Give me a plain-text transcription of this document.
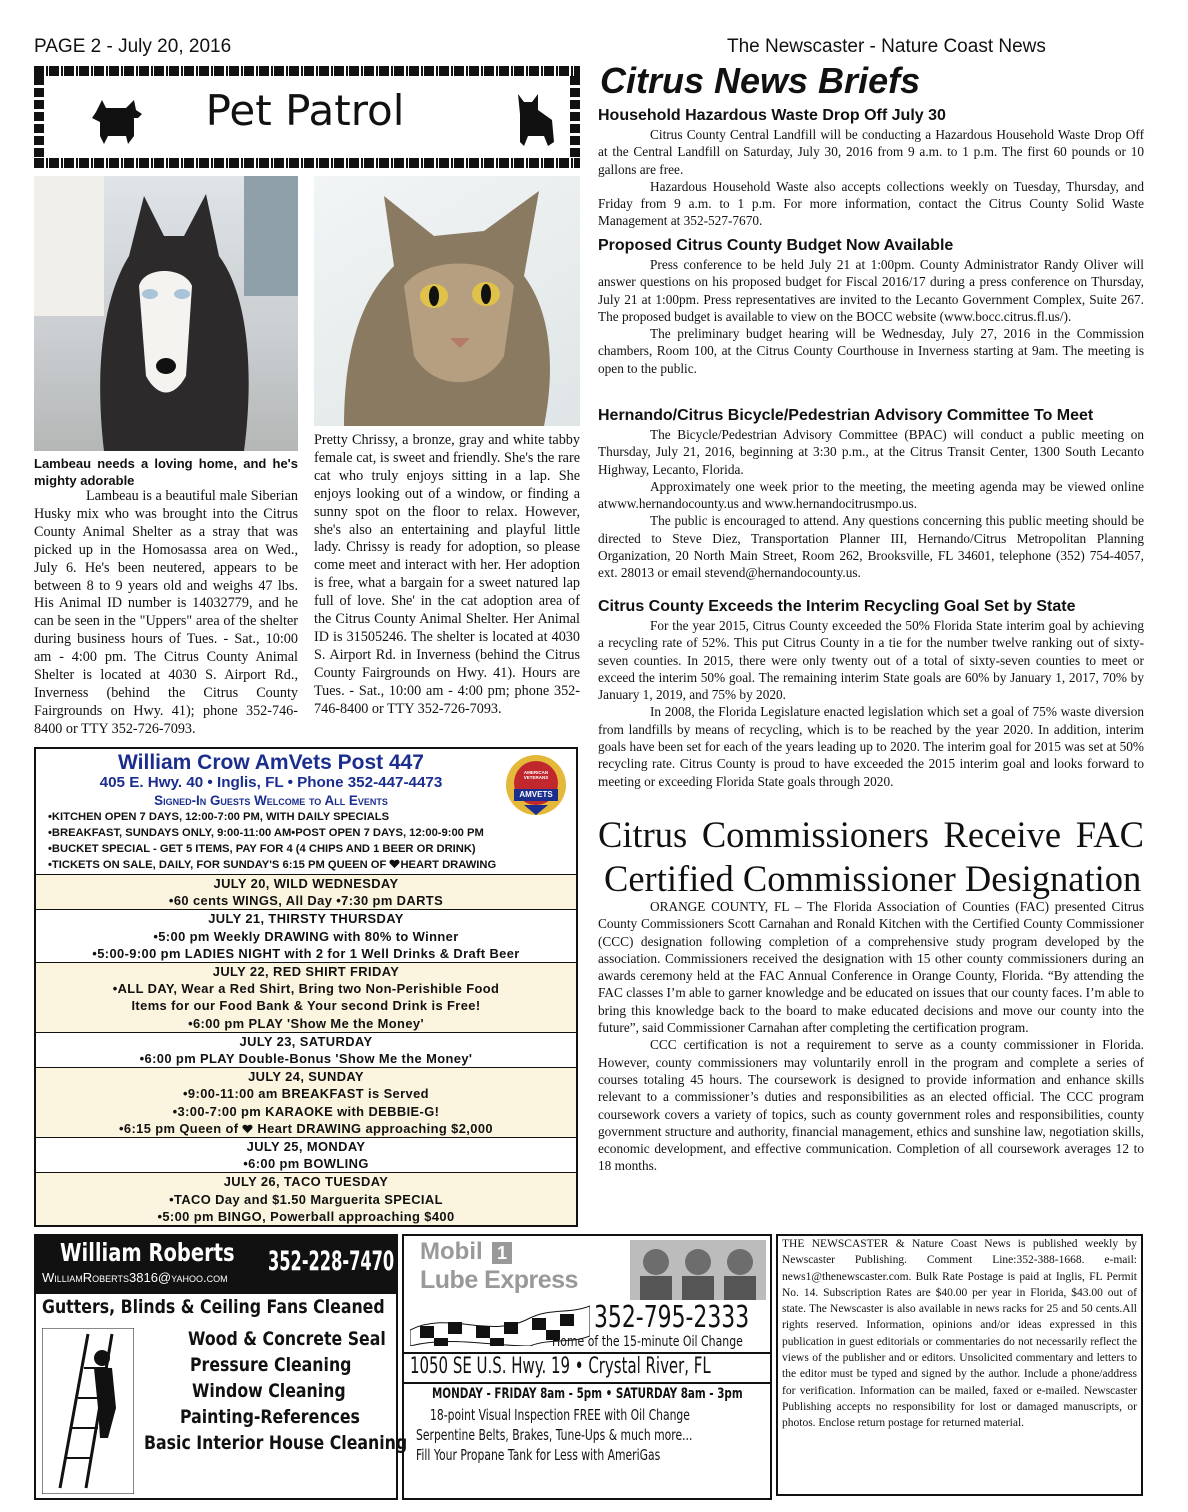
PAGE 2 - July 20, 2016	The Newscaster - Nature Coast News
Pet Patrol
Lambeau needs a loving home, and he's mighty adorable

Lambeau is a beautiful male Siberian Husky mix who was brought into the Citrus County Animal Shelter as a stray that was picked up in the Homosassa area on Wed., July 6. He's been neutered, appears to be between 8 to 9 years old and weighs 47 lbs. His Animal ID number is 14032779, and he can be seen in the "Uppers" area of the shelter during business hours of Tues. - Sat., 10:00 am - 4:00 pm. The Citrus County Animal Shelter is located at 4030 S. Airport Rd., Inverness (behind the Citrus County Fairgrounds on Hwy. 41); phone 352-746-8400 or TTY 352-726-7093.

Pretty Chrissy, a bronze, gray and white tabby female cat, is sweet and friendly. She's the rare cat who truly enjoys sitting in a lap. She enjoys looking out of a window, or finding a sunny spot on the floor to relax. However, she's also an entertaining and playful little lady. Chrissy is ready for adoption, so please come meet and interact with her. Her adoption is free, what a bargain for a sweet natured lap full of love. She' in the cat adoption area of the Citrus County Animal Shelter. Her Animal ID is 31505246. The shelter is located at 4030 S. Airport Rd. in Inverness (behind the Citrus County Fairgrounds on Hwy. 41). Hours are Tues. - Sat., 10:00 am - 4:00 pm; phone 352-746-8400 or TTY 352-726-7093.

William Crow AmVets Post 447
405 E. Hwy. 40 • Inglis, FL • Phone 352-447-4473
Signed-In Guests Welcome to All Events
AMERICAN VETERANS
AMVETS
•KITCHEN OPEN 7 DAYS, 12:00-7:00 PM, WITH DAILY SPECIALS
•BREAKFAST, SUNDAYS ONLY, 9:00-11:00 AM•POST OPEN 7 DAYS, 12:00-9:00 PM
•BUCKET SPECIAL - GET 5 ITEMS, PAY FOR 4 (4 CHIPS AND 1 BEER OR DRINK)
•TICKETS ON SALE, DAILY, FOR SUNDAY'S 6:15 PM QUEEN OF HEART DRAWING
JULY 20, WILD WEDNESDAY
•60 cents WINGS, All Day •7:30 pm DARTS
JULY 21, THIRSTY THURSDAY
•5:00 pm Weekly DRAWING with 80% to Winner
•5:00-9:00 pm LADIES NIGHT with 2 for 1 Well Drinks & Draft Beer
JULY 22, RED SHIRT FRIDAY
•ALL DAY, Wear a Red Shirt, Bring two Non-Perishible Food
Items for our Food Bank & Your second Drink is Free!
•6:00 pm PLAY 'Show Me the Money'
JULY 23, SATURDAY
•6:00 pm PLAY Double-Bonus 'Show Me the Money'
JULY 24, SUNDAY
•9:00-11:00 am BREAKFAST is Served
•3:00-7:00 pm KARAOKE with DEBBIE-G!
•6:15 pm Queen of Heart DRAWING approaching $2,000
JULY 25, MONDAY
•6:00 pm BOWLING
JULY 26, TACO TUESDAY
•TACO Day and $1.50 Marguerita SPECIAL
•5:00 pm BINGO, Powerball approaching $400
Citrus News Briefs
Household Hazardous Waste Drop Off July 30

Citrus County Central Landfill will be conducting a Hazardous Household Waste Drop Off at the Central Landfill on Saturday, July 30, 2016 from 9 a.m. to 1 p.m. The first 60 pounds or 10 gallons are free.

Hazardous Household Waste also accepts collections weekly on Tuesday, Thursday, and Friday from 9 a.m. to 1 p.m. For more information, contact the Citrus County Solid Waste Management at 352-527-7670.

Proposed Citrus County Budget Now Available

Press conference to be held July 21 at 1:00pm. County Administrator Randy Oliver will answer questions on his proposed budget for Fiscal 2016/17 during a press conference on Thursday, July 21 at 1:00pm. Press representatives are invited to the Lecanto Government Complex, Suite 267. The proposed budget is available to view on the BOCC website (www.bocc.citrus.fl.us/).

The preliminary budget hearing will be Wednesday, July 27, 2016 in the Commission chambers, Room 100, at the Citrus County Courthouse in Inverness starting at 9am. The meeting is open to the public.

Hernando/Citrus Bicycle/Pedestrian Advisory Committee To Meet

The Bicycle/Pedestrian Advisory Committee (BPAC) will conduct a public meeting on Thursday, July 21, 2016, beginning at 3:30 p.m., at the Citrus Transit Center, 1300 South Lecanto Highway, Lecanto, Florida.

Approximately one week prior to the meeting, the meeting agenda may be viewed online atwww.hernandocounty.us and www.hernandocitrusmpo.us.

The public is encouraged to attend. Any questions concerning this public meeting should be directed to Steve Diez, Transportation Planner III, Hernando/Citrus Metropolitan Planning Organization, 20 North Main Street, Room 262, Brooksville, FL 34601, telephone (352) 754-4057, ext. 28013 or email stevend@hernandocounty.us.

Citrus County Exceeds the Interim Recycling Goal Set by State

For the year 2015, Citrus County exceeded the 50% Florida State interim goal by achieving a recycling rate of 52%. This put Citrus County in a tie for the number twelve ranking out of sixty-seven counties. In 2015, there were only twenty out of a total of sixty-seven counties to meet or exceed the interim 50% goal. The remaining interim State goals are 60% by January 1, 2017, 70% by January 1, 2019, and 75% by 2020.

In 2008, the Florida Legislature enacted legislation which set a goal of 75% waste diversion from landfills by means of recycling, which is to be reached by the year 2020. In addition, interim goals have been set for each of the years leading up to 2020. The interim goal for 2015 was set at 50% recycling rate. Citrus County is proud to have exceeded the 2015 interim goal and looks forward to meeting or exceeding Florida State goals through 2020.

Citrus Commissioners Receive FAC
Certified Commissioner Designation

ORANGE COUNTY, FL – The Florida Association of Counties (FAC) presented Citrus County Commissioners Scott Carnahan and Ronald Kitchen with the Certified County Commissioner (CCC) designation following completion of a comprehensive study program developed by the association. Commissioners received the designation with 15 other county commissioners during an awards ceremony held at the FAC Annual Conference in Orange County, Florida. “By attending the FAC classes I’m able to garner knowledge and be educated on issues that our county faces. I’m able to bring this knowledge back to the board to make educated decisions and move our county into the future”, said Commissioner Carnahan after completing the certification program.

CCC certification is not a requirement to serve as a county commissioner in Florida. However, county commissioners may voluntarily enroll in the program and complete a series of courses totaling 45 hours. The coursework is designed to provide information and enhance skills relevant to a commissioner’s duties and responsibilities as an elected official. The CCC program coursework covers a variety of topics, such as county government roles and responsibilities, county government structure and authority, financial management, ethics and sunshine law, negotiation skills, economic development, and effective communication. Completion of all coursework averages 12 to 18 months.

William Roberts 352-228-7470
WilliamRoberts3816@yahoo.com
Gutters, Blinds & Ceiling Fans Cleaned
Wood & Concrete Seal
Pressure Cleaning
Window Cleaning
Painting-References
Basic Interior House Cleaning
Mobil 1
Lube Express
352-795-2333
Home of the 15-minute Oil Change
1050 SE U.S. Hwy. 19 • Crystal River, FL
MONDAY - FRIDAY 8am - 5pm • SATURDAY 8am - 3pm
18-point Visual Inspection FREE with Oil Change
Serpentine Belts, Brakes, Tune-Ups & much more...
Fill Your Propane Tank for Less with AmeriGas
THE NEWSCASTER & Nature Coast News is published weekly by Newscaster Publishing. Comment Line:352-388-1668. e-mail: news1@thenewscaster.com. Bulk Rate Postage is paid at Inglis, FL Permit No. 14. Subscription Rates are $40.00 per year in Florida, $43.00 out of state. The Newscaster is also available in news racks for 25 and 50 cents.All rights reserved. Information, opinions and/or ideas expressed in this publication in guest editorials or commentaries do not necessarily reflect the views of the publisher and or editors. Unsolicited commentary and letters to the editor must be typed and signed by the author. Include a phone/address for verification. Information can be mailed, faxed or e-mailed. Newscaster Publishing accepts no responsibility for lost or damaged manuscripts, or photos. Enclose return postage for returned material.
